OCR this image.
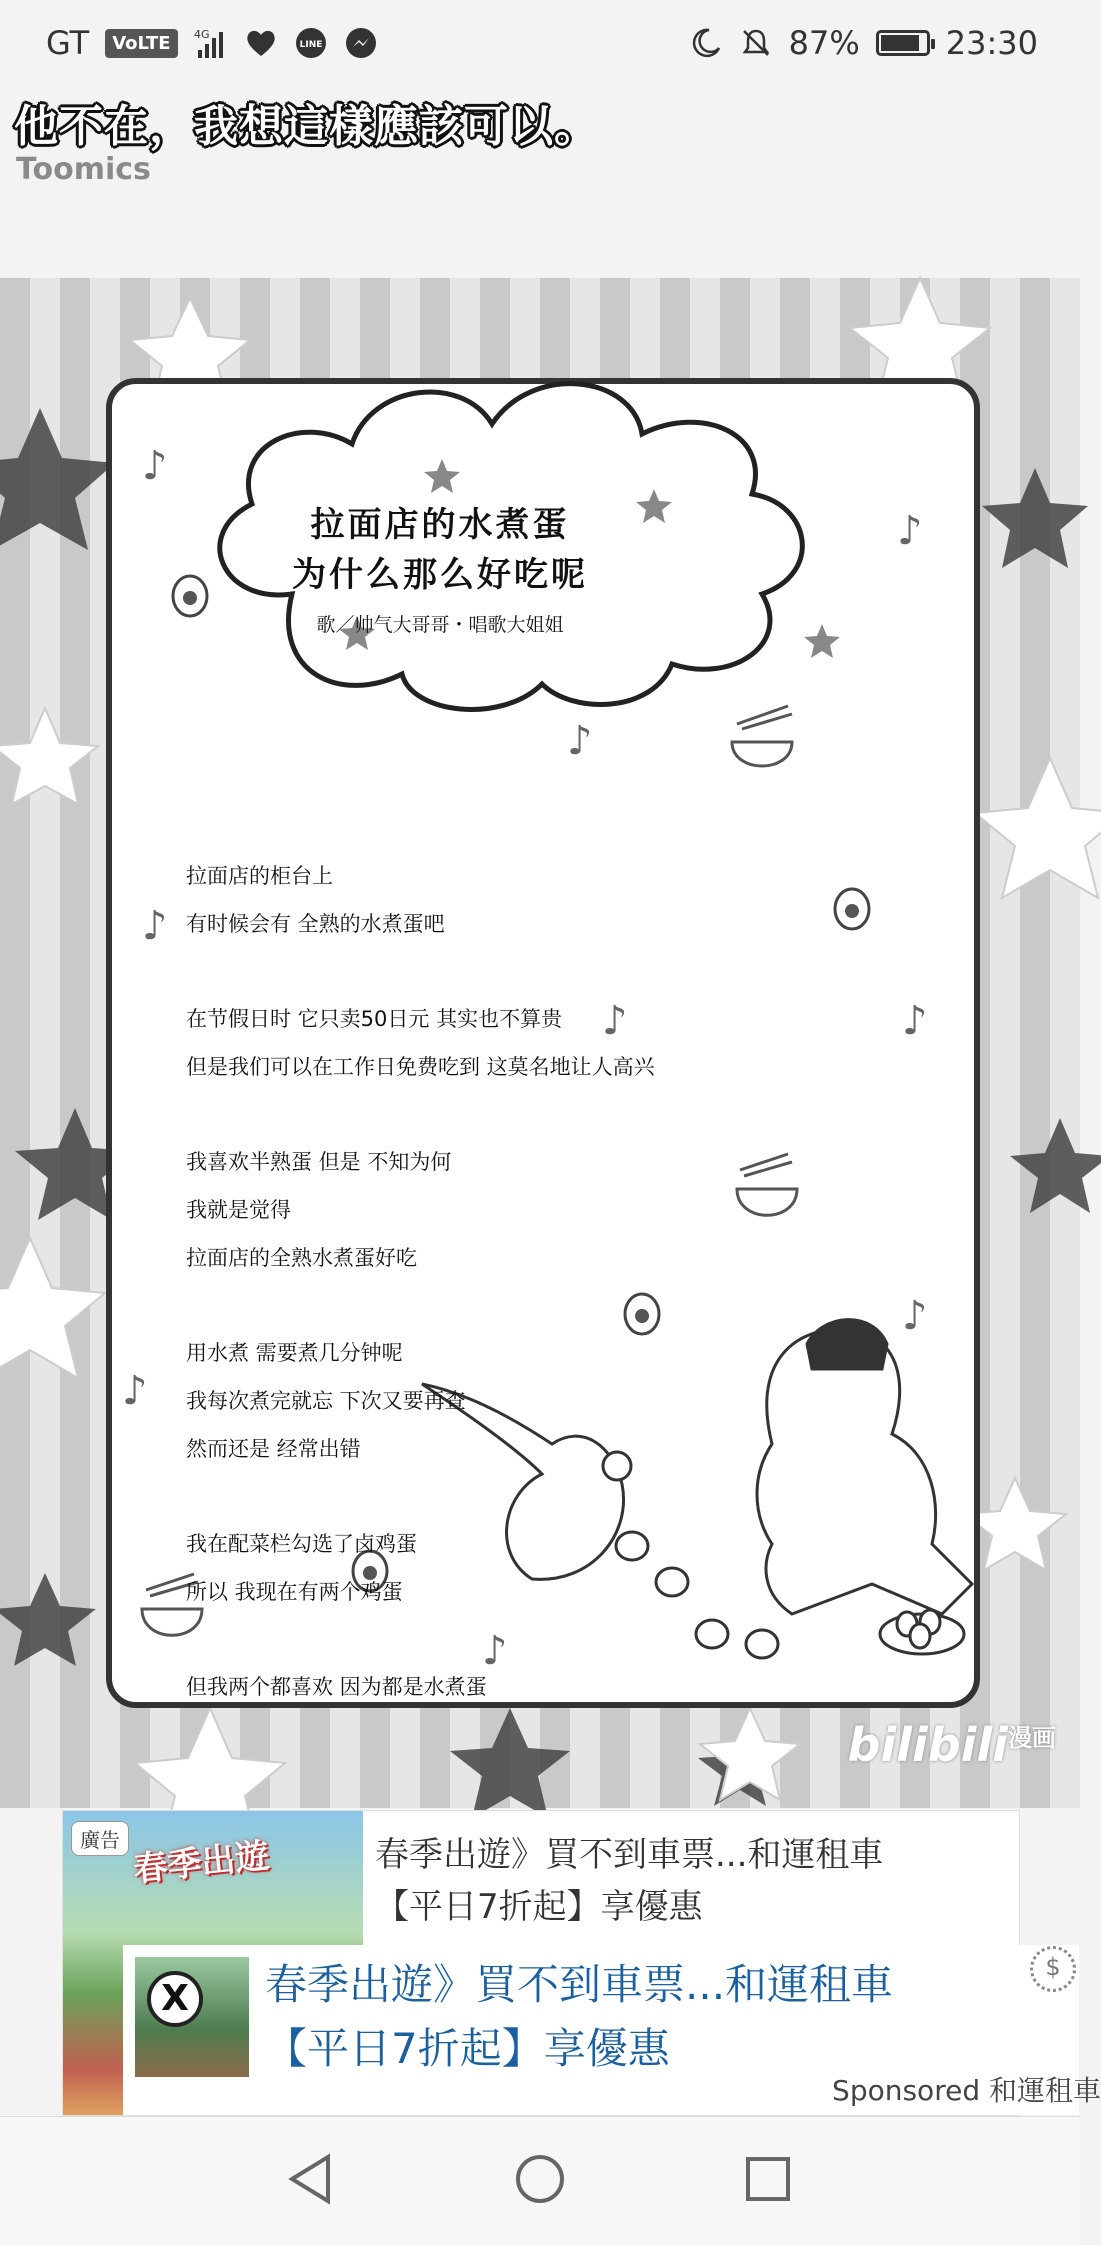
GT	VoLTE	4G
LINE	87%	23:30
他不在，我想這樣應該可以。
Toomics
♪
♪
♪
♪	♪
♪
♪
♪
♪
拉面店的水煮蛋
为什么那么好吃呢
歌／帅气大哥哥・唱歌大姐姐
拉面店的柜台上
有时候会有 全熟的水煮蛋吧
在节假日时 它只卖50日元 其实也不算贵
但是我们可以在工作日免费吃到 这莫名地让人高兴
我喜欢半熟蛋 但是 不知为何
我就是觉得
拉面店的全熟水煮蛋好吃
用水煮 需要煮几分钟呢
我每次煮完就忘 下次又要再查
然而还是 经常出错
我在配菜栏勾选了卤鸡蛋
所以 我现在有两个鸡蛋
但我两个都喜欢 因为都是水煮蛋
bilibili$^{漫画}$
廣告 春季出遊	春季出遊》買不到車票...和運租車
【平日7折起】享優惠
X	春季出遊》買不到車票...和運租車
【平日7折起】享優惠
Sponsored 和運租車
$
